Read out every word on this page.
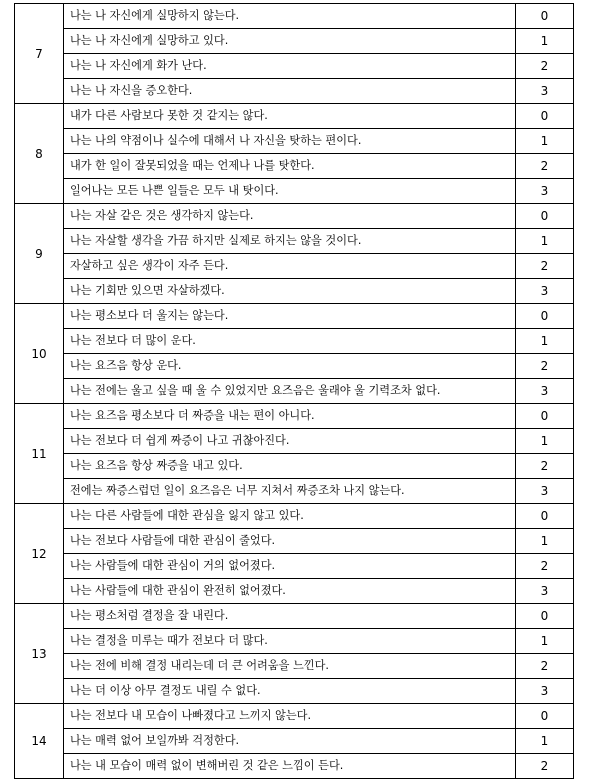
7	나는 나 자신에게 실망하지 않는다.	0
	나는 나 자신에게 실망하고 있다.	1
	나는 나 자신에게 화가 난다.	2
	나는 나 자신을 증오한다.	3
8	내가 다른 사람보다 못한 것 같지는 않다.	0
	나는 나의 약점이나 실수에 대해서 나 자신을 탓하는 편이다.	1
	내가 한 일이 잘못되었을 때는 언제나 나를 탓한다.	2
	일어나는 모든 나쁜 일들은 모두 내 탓이다.	3
9	나는 자살 같은 것은 생각하지 않는다.	0
	나는 자살할 생각을 가끔 하지만 실제로 하지는 않을 것이다.	1
	자살하고 싶은 생각이 자주 든다.	2
	나는 기회만 있으면 자살하겠다.	3
10	나는 평소보다 더 울지는 않는다.	0
	나는 전보다 더 많이 운다.	1
	나는 요즈음 항상 운다.	2
	나는 전에는 울고 싶을 때 울 수 있었지만 요즈음은 울래야 울 기력조차 없다.	3
11	나는 요즈음 평소보다 더 짜증을 내는 편이 아니다.	0
	나는 전보다 더 쉽게 짜증이 나고 귀찮아진다.	1
	나는 요즈음 항상 짜증을 내고 있다.	2
	전에는 짜증스럽던 일이 요즈음은 너무 지쳐서 짜증조차 나지 않는다.	3
12	나는 다른 사람들에 대한 관심을 잃지 않고 있다.	0
	나는 전보다 사람들에 대한 관심이 줄었다.	1
	나는 사람들에 대한 관심이 거의 없어졌다.	2
	나는 사람들에 대한 관심이 완전히 없어졌다.	3
13	나는 평소처럼 결정을 잘 내린다.	0
	나는 결정을 미루는 때가 전보다 더 많다.	1
	나는 전에 비해 결정 내리는데 더 큰 어려움을 느낀다.	2
	나는 더 이상 아무 결정도 내릴 수 없다.	3
14	나는 전보다 내 모습이 나빠졌다고 느끼지 않는다.	0
	나는 매력 없어 보일까봐 걱정한다.	1
	나는 내 모습이 매력 없이 변해버린 것 같은 느낌이 든다.	2
